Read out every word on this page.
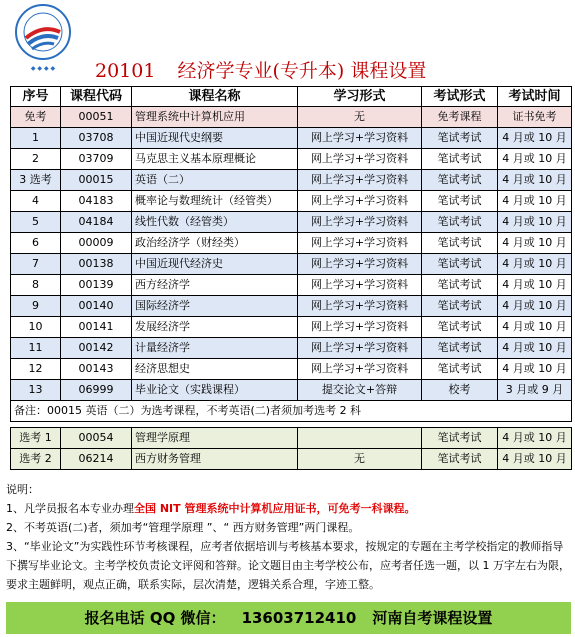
◆ ◆ ◆ ◆ 20101 经济学专业(专升本) 课程设置
序号	课程代码	课程名称	学习形式	考试形式	考试时间
免考	00051	管理系统中计算机应用	无	免考课程	证书免考
1	03708	中国近现代史纲要	网上学习+学习资料	笔试考试	4 月或 10 月
2	03709	马克思主义基本原理概论	网上学习+学习资料	笔试考试	4 月或 10 月
3 选考	00015	英语（二）	网上学习+学习资料	笔试考试	4 月或 10 月
4	04183	概率论与数理统计（经管类）	网上学习+学习资料	笔试考试	4 月或 10 月
5	04184	线性代数（经管类）	网上学习+学习资料	笔试考试	4 月或 10 月
6	00009	政治经济学（财经类）	网上学习+学习资料	笔试考试	4 月或 10 月
7	00138	中国近现代经济史	网上学习+学习资料	笔试考试	4 月或 10 月
8	00139	西方经济学	网上学习+学习资料	笔试考试	4 月或 10 月
9	00140	国际经济学	网上学习+学习资料	笔试考试	4 月或 10 月
10	00141	发展经济学	网上学习+学习资料	笔试考试	4 月或 10 月
11	00142	计量经济学	网上学习+学习资料	笔试考试	4 月或 10 月
12	00143	经济思想史	网上学习+学习资料	笔试考试	4 月或 10 月
13	06999	毕业论文（实践课程）	提交论文+答辩	校考	3 月或 9 月
备注：00015 英语（二）为选考课程，不考英语(二)者须加考选考 2 科					

选考 1	00054	管理学原理		笔试考试	4 月或 10 月
选考 2	06214	西方财务管理	无	笔试考试	4 月或 10 月

说明：

1、凡学员报名本专业办理全国 NIT 管理系统中计算机应用证书，可免考一科课程。

2、不考英语(二)者，须加考“管理学原理 ”、“ 西方财务管理”两门课程。

3、“毕业论文”为实践性环节考核课程，应考者依据培训与考核基本要求，按规定的专题在主考学校指定的教师指导下撰写毕业论文。主考学校负责论文评阅和答辩。论文题目由主考学校公布，应考者任选一题，以 1 万字左右为限，要求主题鲜明，观点正确，联系实际，层次清楚，逻辑关系合理，字迹工整。

报名电话 QQ 微信： 13603712410 河南自考课程设置
